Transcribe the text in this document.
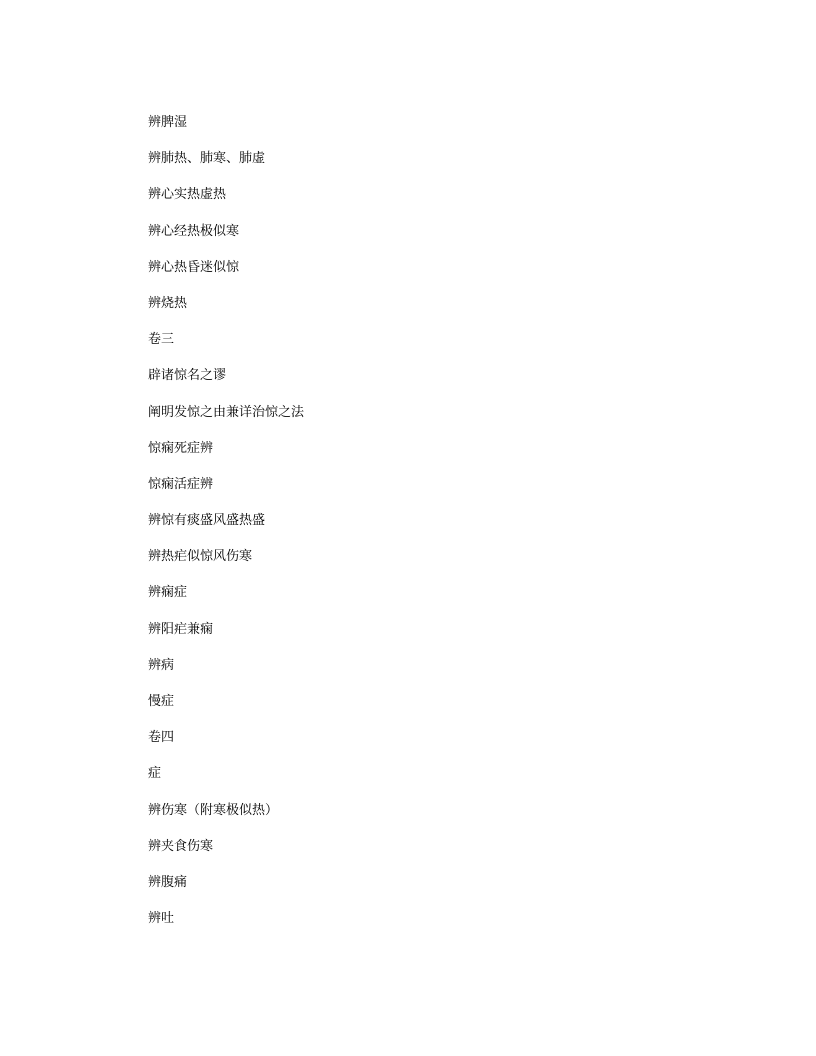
辨脾湿
辨肺热、肺寒、肺虚
辨心实热虚热
辨心经热极似寒
辨心热昏迷似惊
辨烧热
卷三
辟诸惊名之谬
阐明发惊之由兼详治惊之法
惊痫死症辨
惊痫活症辨
辨惊有痰盛风盛热盛
辨热疟似惊风伤寒
辨痫症
辨阳疟兼痫
辨病
慢症
卷四
症
辨伤寒（附寒极似热）
辨夹食伤寒
辨腹痛
辨吐
